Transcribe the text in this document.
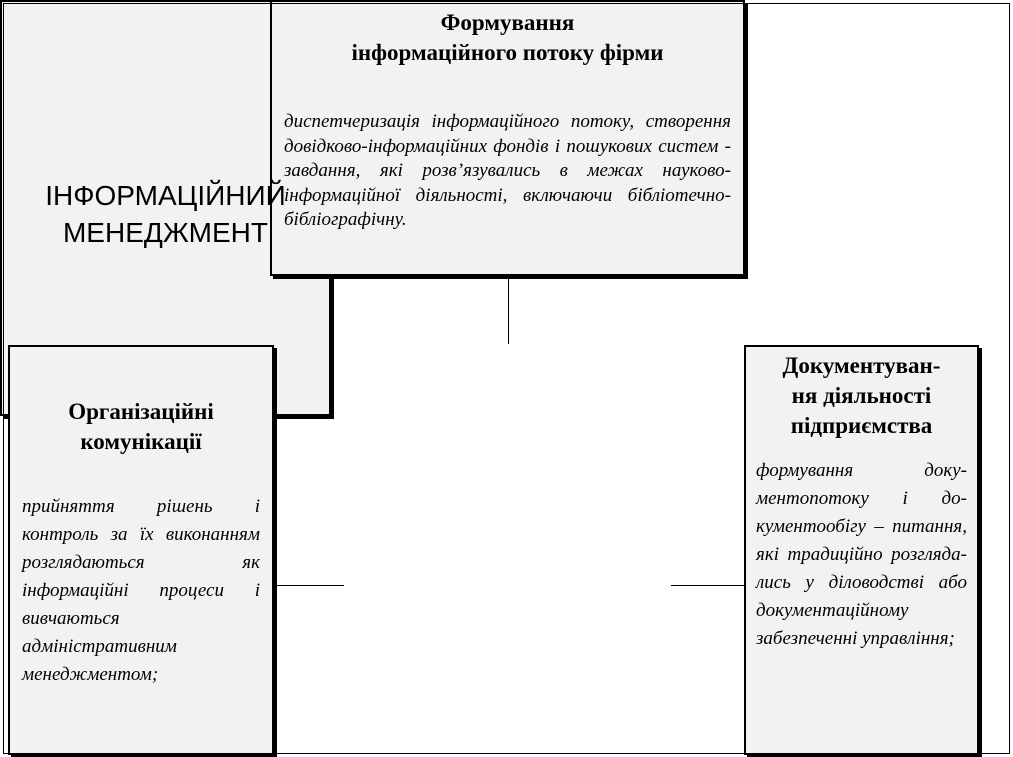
Формування
інформаційного потоку фірми
диспетчеризація інформаційного потоку, створення довідково-інформаційних фондів і пошукових систем - завдання, які розв’язувались в межах науково-інформаційної діяльності, включаючи бібліотечно-бібліографічну.
Організаційні
комунікації
прийняття рішень і контроль за їх виконанням розглядаються як інформаційні процеси і вивчаються адміністративним менеджментом;
ІНФОРМАЦІЙНИЙ
МЕНЕДЖМЕНТ
Документуван-
ня діяльності
підприємства
формування документопотоку і документообігу – питання, які традиційно розглядались у діловодстві або документаційному забезпеченні управління;
